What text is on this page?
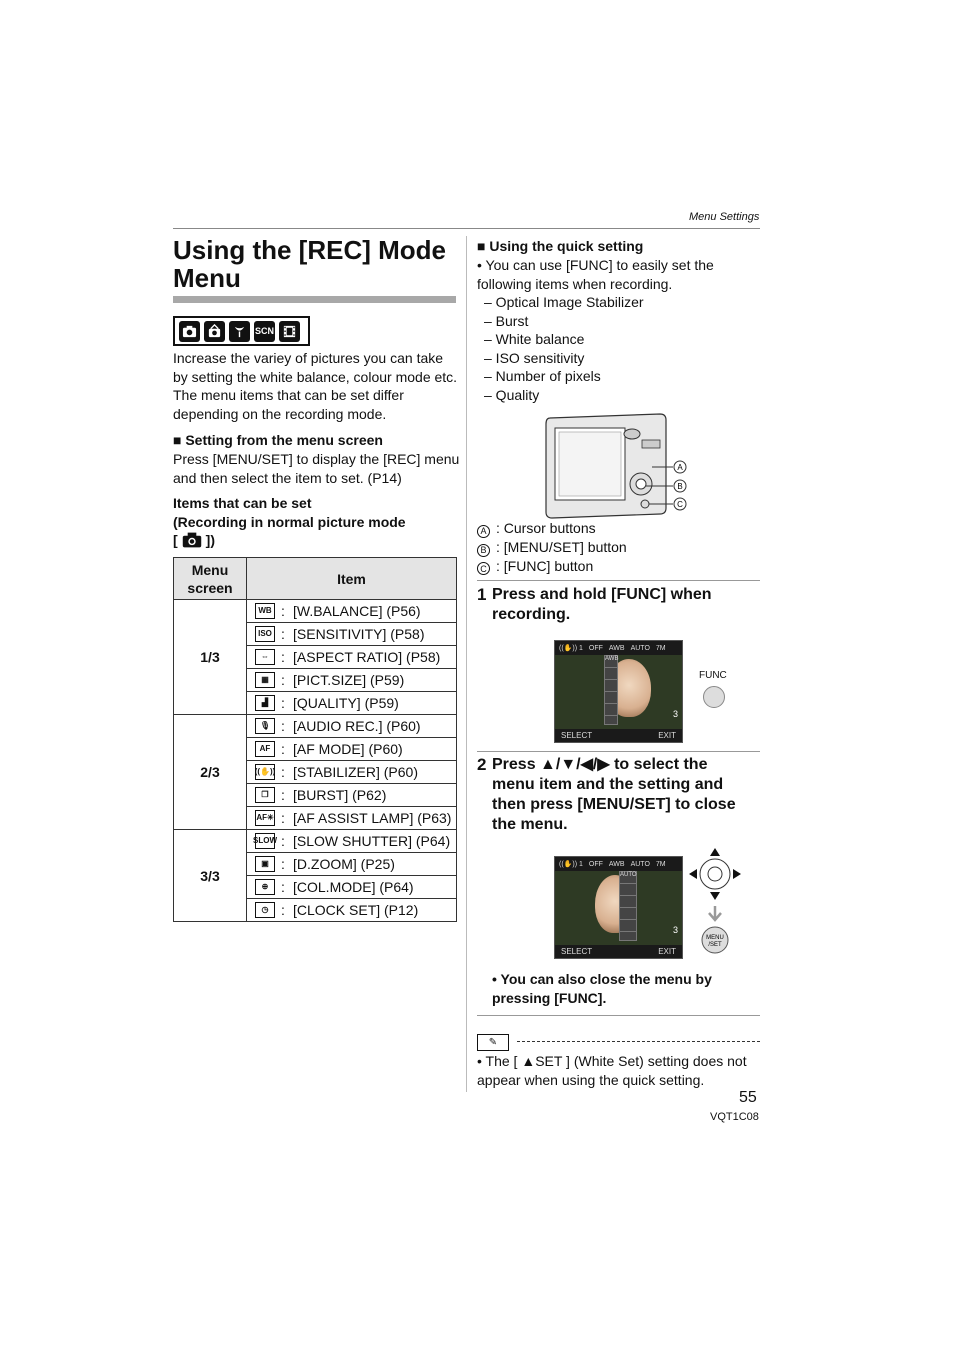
Menu Settings
Using the [REC] Mode Menu
SCN

Increase the variey of pictures you can take by setting the white balance, colour mode etc. The menu items that can be set differ depending on the recording mode.

■ Setting from the menu screen

Press [MENU/SET] to display the [REC] menu and then select the item to set. (P14)

Items that can be set
(Recording in normal picture mode
[ ])
Menu screen	Item
1/3	WB : [W.BALANCE] (P56)

ISO : [SENSITIVITY] (P58)

⇔ : [ASPECT RATIO] (P58)

▦ : [PICT.SIZE] (P59)

▟ : [QUALITY] (P59)

2/3	🎙 : [AUDIO REC.] (P60)

AF : [AF MODE] (P60)

((✋)) : [STABILIZER] (P60)

❐ : [BURST] (P62)

AF✳ : [AF ASSIST LAMP] (P63)

3/3	SLOW : [SLOW SHUTTER] (P64)

▣ : [D.ZOOM] (P25)

⊕ : [COL.MODE] (P64)

◷ : [CLOCK SET] (P12)

■ Using the quick setting

• You can use [FUNC] to easily set the following items when recording.
– Optical Image Stabilizer
– Burst
– White balance
– ISO sensitivity
– Number of pixels
– Quality
A
B
C
A : Cursor buttons
B : [MENU/SET] button
C : [FUNC] button
1 Press and hold [FUNC] when recording.
((✋)) 1 OFF AWB AUTO 7M
AWB
3
SELECT	EXIT
FUNC
2 Press ▲/▼/◀/▶ to select the menu item and the setting and then press [MENU/SET] to close the menu.
((✋)) 1 OFF AWB AUTO 7M
AUTO
3
SELECT	EXIT
MENU
/SET

• You can also close the menu by pressing [FUNC].

✎

• The [ ▲SET ] (White Set) setting does not appear when using the quick setting.

55
VQT1C08
